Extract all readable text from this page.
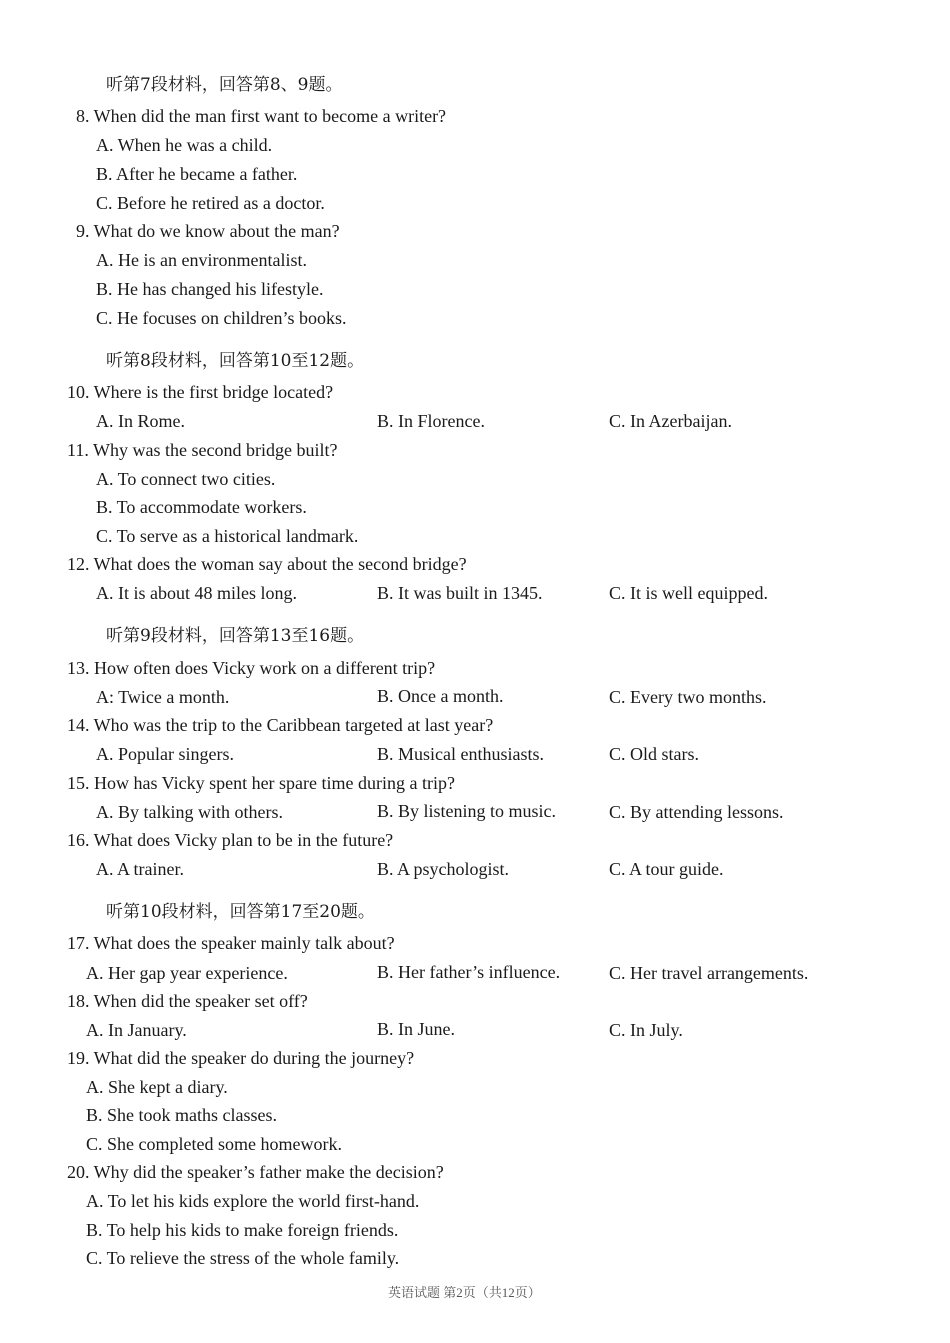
听第7段材料，回答第8、9题。
8. When did the man first want to become a writer?
A. When he was a child.
B. After he became a father.
C. Before he retired as a doctor.
9. What do we know about the man?
A. He is an environmentalist.
B. He has changed his lifestyle.
C. He focuses on children’s books.
听第8段材料，回答第10至12题。
10. Where is the first bridge located?
A. In Rome.	B. In Florence.	C. In Azerbaijan.
11. Why was the second bridge built?
A. To connect two cities.
B. To accommodate workers.
C. To serve as a historical landmark.
12. What does the woman say about the second bridge?
A. It is about 48 miles long.	B. It was built in 1345.	C. It is well equipped.
听第9段材料，回答第13至16题。
13. How often does Vicky work on a different trip?
A: Twice a month.	B. Once a month.	C. Every two months.
14. Who was the trip to the Caribbean targeted at last year?
A. Popular singers.	B. Musical enthusiasts.	C. Old stars.
15. How has Vicky spent her spare time during a trip?
A. By talking with others.	B. By listening to music.	C. By attending lessons.
16. What does Vicky plan to be in the future?
A. A trainer.	B. A psychologist.	C. A tour guide.
听第10段材料，回答第17至20题。
17. What does the speaker mainly talk about?
A. Her gap year experience.	B. Her father’s influence.	C. Her travel arrangements.
18. When did the speaker set off?
A. In January.	B. In June.	C. In July.
19. What did the speaker do during the journey?
A. She kept a diary.
B. She took maths classes.
C. She completed some homework.
20. Why did the speaker’s father make the decision?
A. To let his kids explore the world first-hand.
B. To help his kids to make foreign friends.
C. To relieve the stress of the whole family.
英语试题 第2页（共12页）
